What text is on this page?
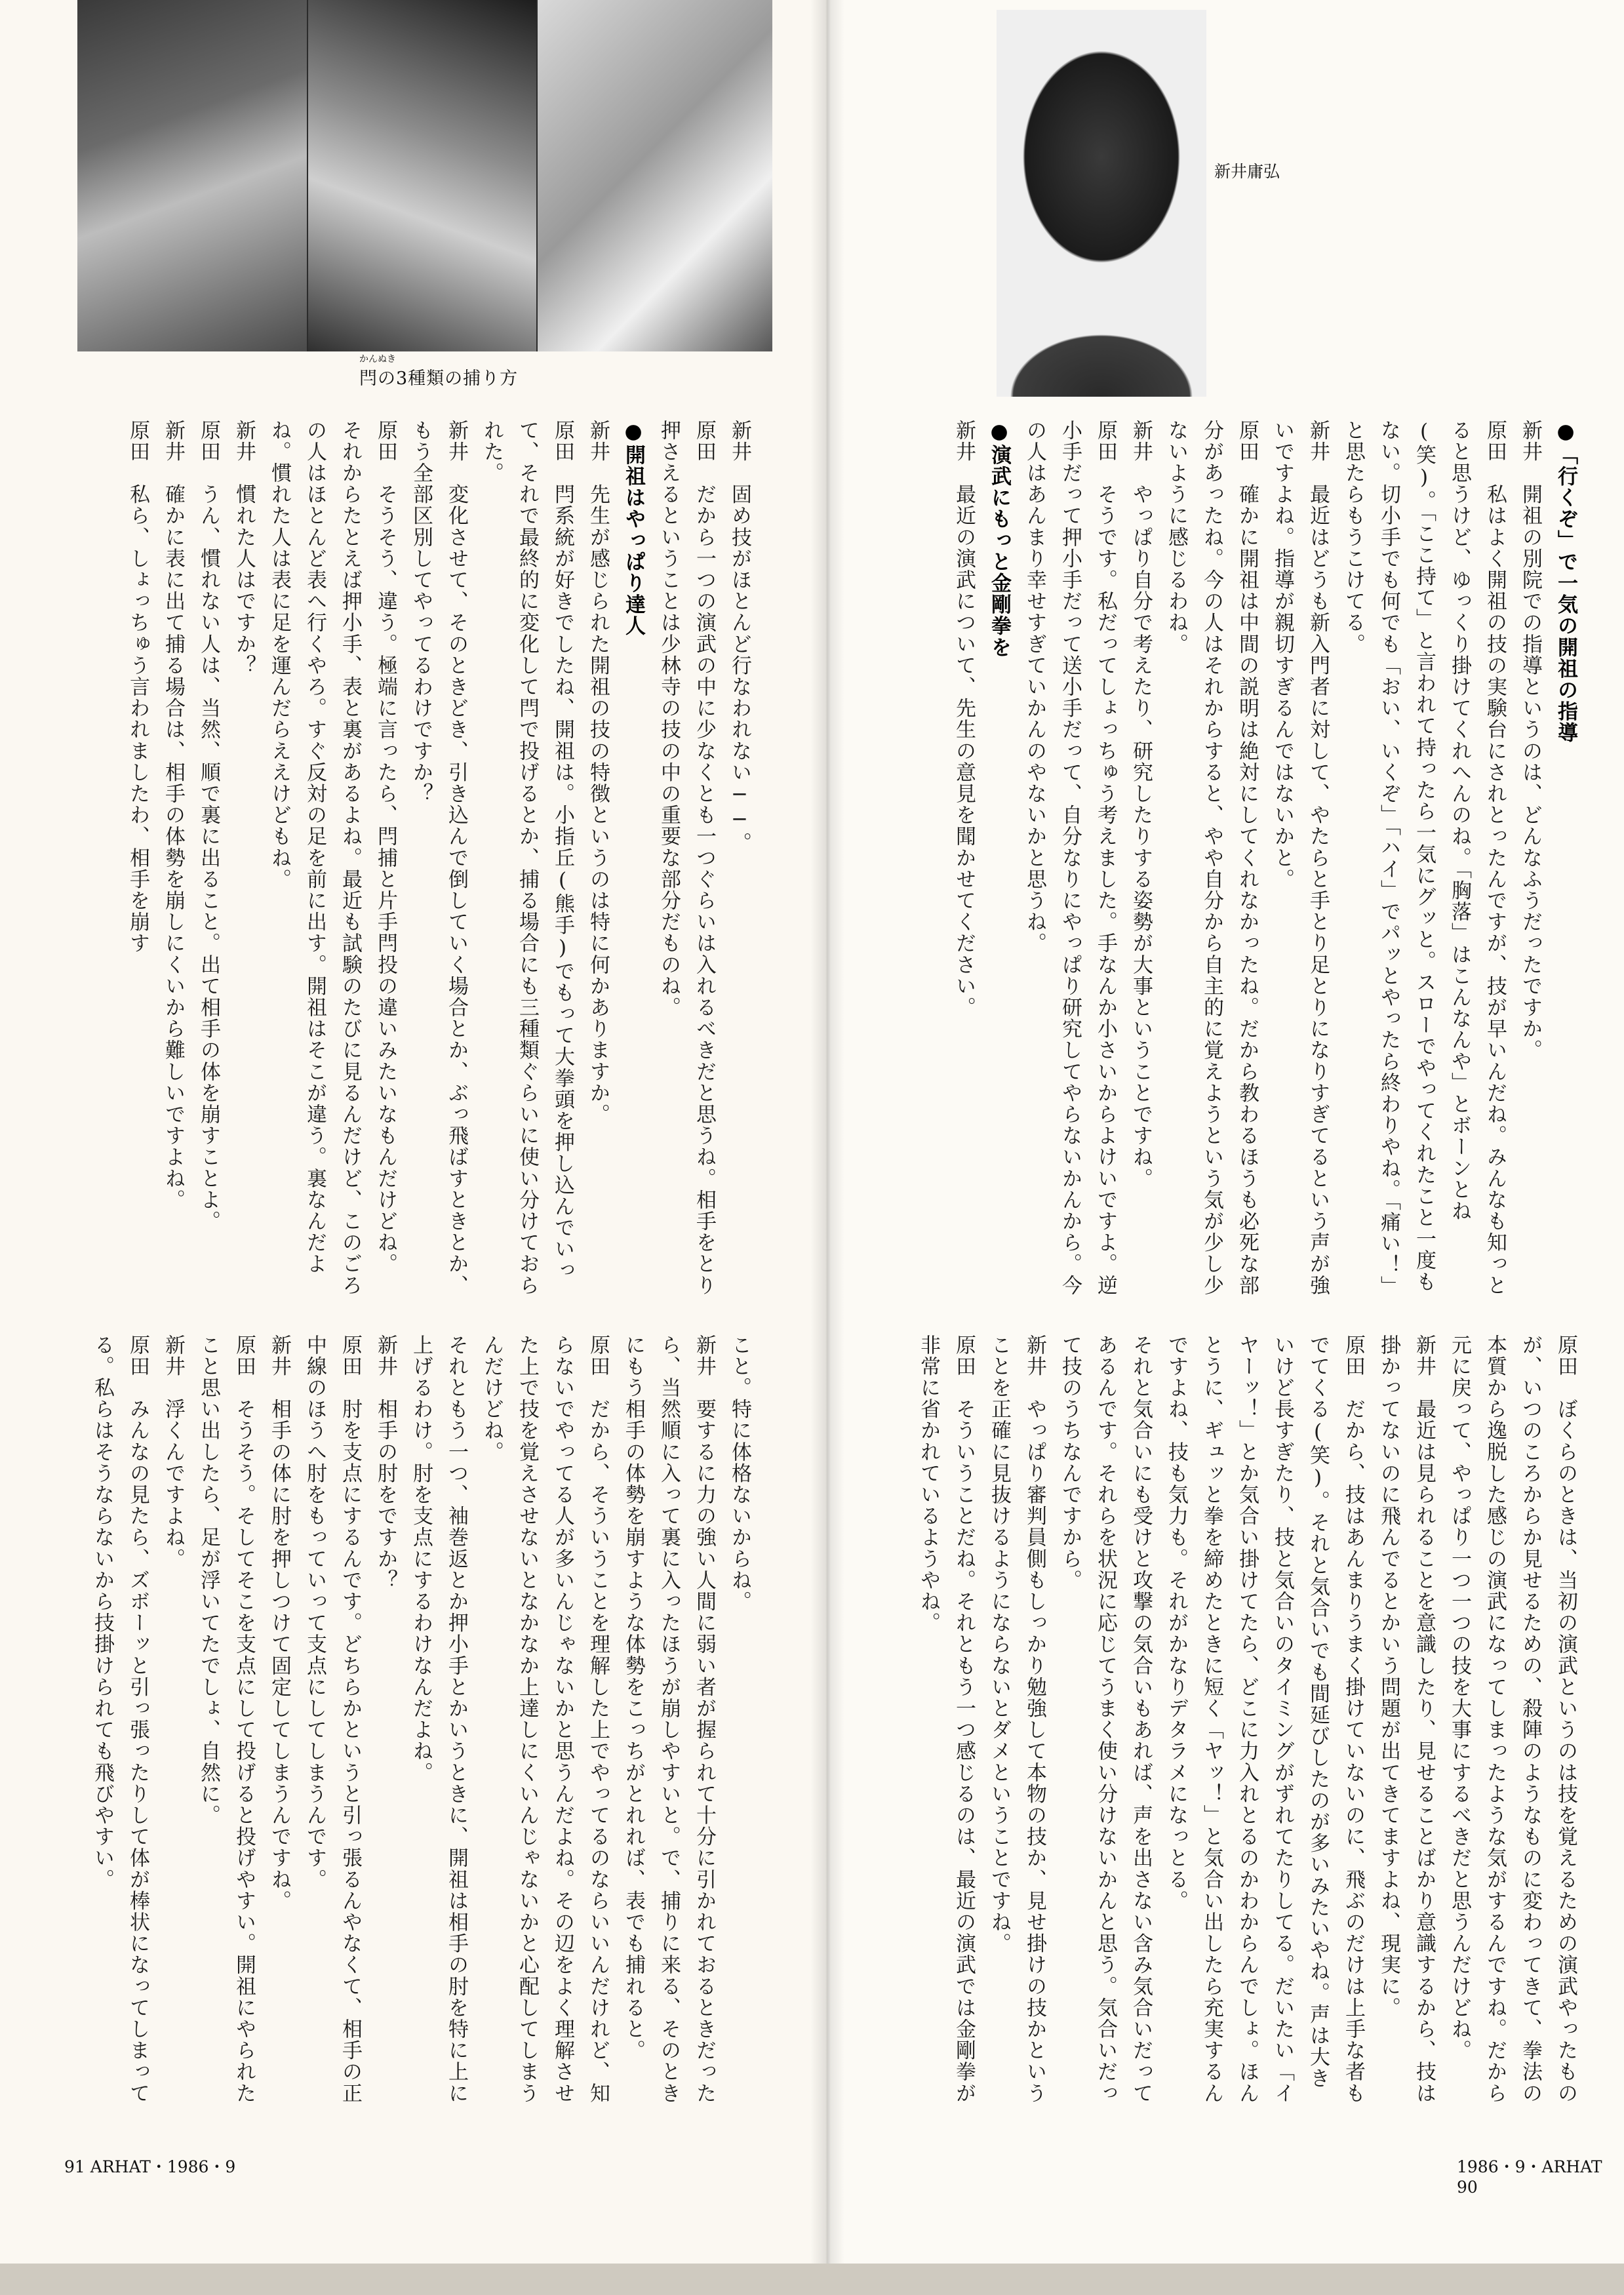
かんぬき
閂の3種類の捕り方
新井　固め技がほとんど行なわれない──。
原田　だから一つの演武の中に少なくとも一つぐらいは入れるべきだと思うね。相手をとり押さえるということは少林寺の技の中の重要な部分だものね。
●開祖はやっぱり達人
新井　先生が感じられた開祖の技の特徴というのは特に何かありますか。
原田　閂系統が好きでしたね、開祖は。小指丘(熊手)でもって大拳頭を押し込んでいって、それで最終的に変化して閂で投げるとか、捕る場合にも三種類ぐらいに使い分けておられた。
新井　変化させて、そのときどき、引き込んで倒していく場合とか、ぶっ飛ばすときとか、もう全部区別してやってるわけですか？
原田　そうそう、違う。極端に言ったら、閂捕と片手閂投の違いみたいなもんだけどね。
それからたとえば押小手、表と裏があるよね。最近も試験のたびに見るんだけど、このごろの人はほとんど表へ行くやろ。すぐ反対の足を前に出す。開祖はそこが違う。裏なんだよね。慣れた人は表に足を運んだらええけどもね。
新井　慣れた人はですか？
原田　うん、慣れない人は、当然、順で裏に出ること。出て相手の体を崩すことよ。
新井　確かに表に出て捕る場合は、相手の体勢を崩しにくいから難しいですよね。
原田　私ら、しょっちゅう言われましたわ、相手を崩す
こと。特に体格ないからね。
新井　要するに力の強い人間に弱い者が握られて十分に引かれておるときだったら、当然順に入って裏に入ったほうが崩しやすいと。で、捕りに来る、そのときにもう相手の体勢を崩すような体勢をこっちがとれれば、表でも捕れると。
原田　だから、そういうことを理解した上でやってるのならいいんだけれど、知らないでやってる人が多いんじゃないかと思うんだよね。その辺をよく理解させた上で技を覚えさせないとなかなか上達しにくいんじゃないかと心配してしまうんだけどね。
それともう一つ、袖巻返とか押小手とかいうときに、開祖は相手の肘を特に上に上げるわけ。肘を支点にするわけなんだよね。
新井　相手の肘をですか？
原田　肘を支点にするんです。どちらかというと引っ張るんやなくて、相手の正中線のほうへ肘をもっていって支点にしてしまうんです。
新井　相手の体に肘を押しつけて固定してしまうんですね。
原田　そうそう。そしてそこを支点にして投げると投げやすい。開祖にやられたこと思い出したら、足が浮いてたでしょ、自然に。
新井　浮くんですよね。
原田　みんなの見たら、ズボーッと引っ張ったりして体が棒状になってしまってる。私らはそうならないから技掛けられても飛びやすい。
91 ARHAT・1986・9
新井庸弘
●「行くぞ」で一気の開祖の指導
新井　開祖の別院での指導というのは、どんなふうだったですか。
原田　私はよく開祖の技の実験台にされとったんですが、技が早いんだね。みんなも知っとると思うけど、ゆっくり掛けてくれへんのね。「胸落」はこんなんや」とボーンとね(笑)。「ここ持て」と言われて持ったら一気にグッと。スローでやってくれたこと一度もない。切小手でも何でも「おい、いくぞ」「ハイ」でパッとやったら終わりやね。「痛い！」と思たらもうこけてる。
新井　最近はどうも新入門者に対して、やたらと手とり足とりになりすぎてるという声が強いですよね。指導が親切すぎるんではないかと。
原田　確かに開祖は中間の説明は絶対にしてくれなかったね。だから教わるほうも必死な部分があったね。今の人はそれからすると、やや自分から自主的に覚えようという気が少し少ないように感じるわね。
新井　やっぱり自分で考えたり、研究したりする姿勢が大事ということですね。
原田　そうです。私だってしょっちゅう考えました。手なんか小さいからよけいですよ。逆小手だって押小手だって送小手だって、自分なりにやっぱり研究してやらないかんから。今の人はあんまり幸せすぎていかんのやないかと思うね。
●演武にもっと金剛拳を
新井　最近の演武について、先生の意見を聞かせてください。
原田　ぼくらのときは、当初の演武というのは技を覚えるための演武やったものが、いつのころからか見せるための、殺陣のようなものに変わってきて、拳法の本質から逸脱した感じの演武になってしまったような気がするんですね。だから元に戻って、やっぱり一つ一つの技を大事にするべきだと思うんだけどね。
新井　最近は見られることを意識したり、見せることばかり意識するから、技は掛かってないのに飛んでるとかいう問題が出てきてますよね、現実に。
原田　だから、技はあんまりうまく掛けていないのに、飛ぶのだけは上手な者もでてくる(笑)。それと気合いでも間延びしたのが多いみたいやね。声は大きいけど長すぎたり、技と気合いのタイミングがずれてたりしてる。だいたい「イヤーッ！」とか気合い掛けてたら、どこに力入れとるのかわからんでしょ。ほんとうに、ギュッと拳を締めたときに短く「ヤッ！」と気合い出したら充実するんですよね、技も気力も。それがかなりデタラメになっとる。
それと気合いにも受けと攻撃の気合いもあれば、声を出さない含み気合いだってあるんです。それらを状況に応じてうまく使い分けないかんと思う。気合いだって技のうちなんですから。
新井　やっぱり審判員側もしっかり勉強して本物の技か、見せ掛けの技かということを正確に見抜けるようにならないとダメということですね。
原田　そういうことだね。それともう一つ感じるのは、最近の演武では金剛拳が非常に省かれているようやね。
1986・9・ARHAT 90
